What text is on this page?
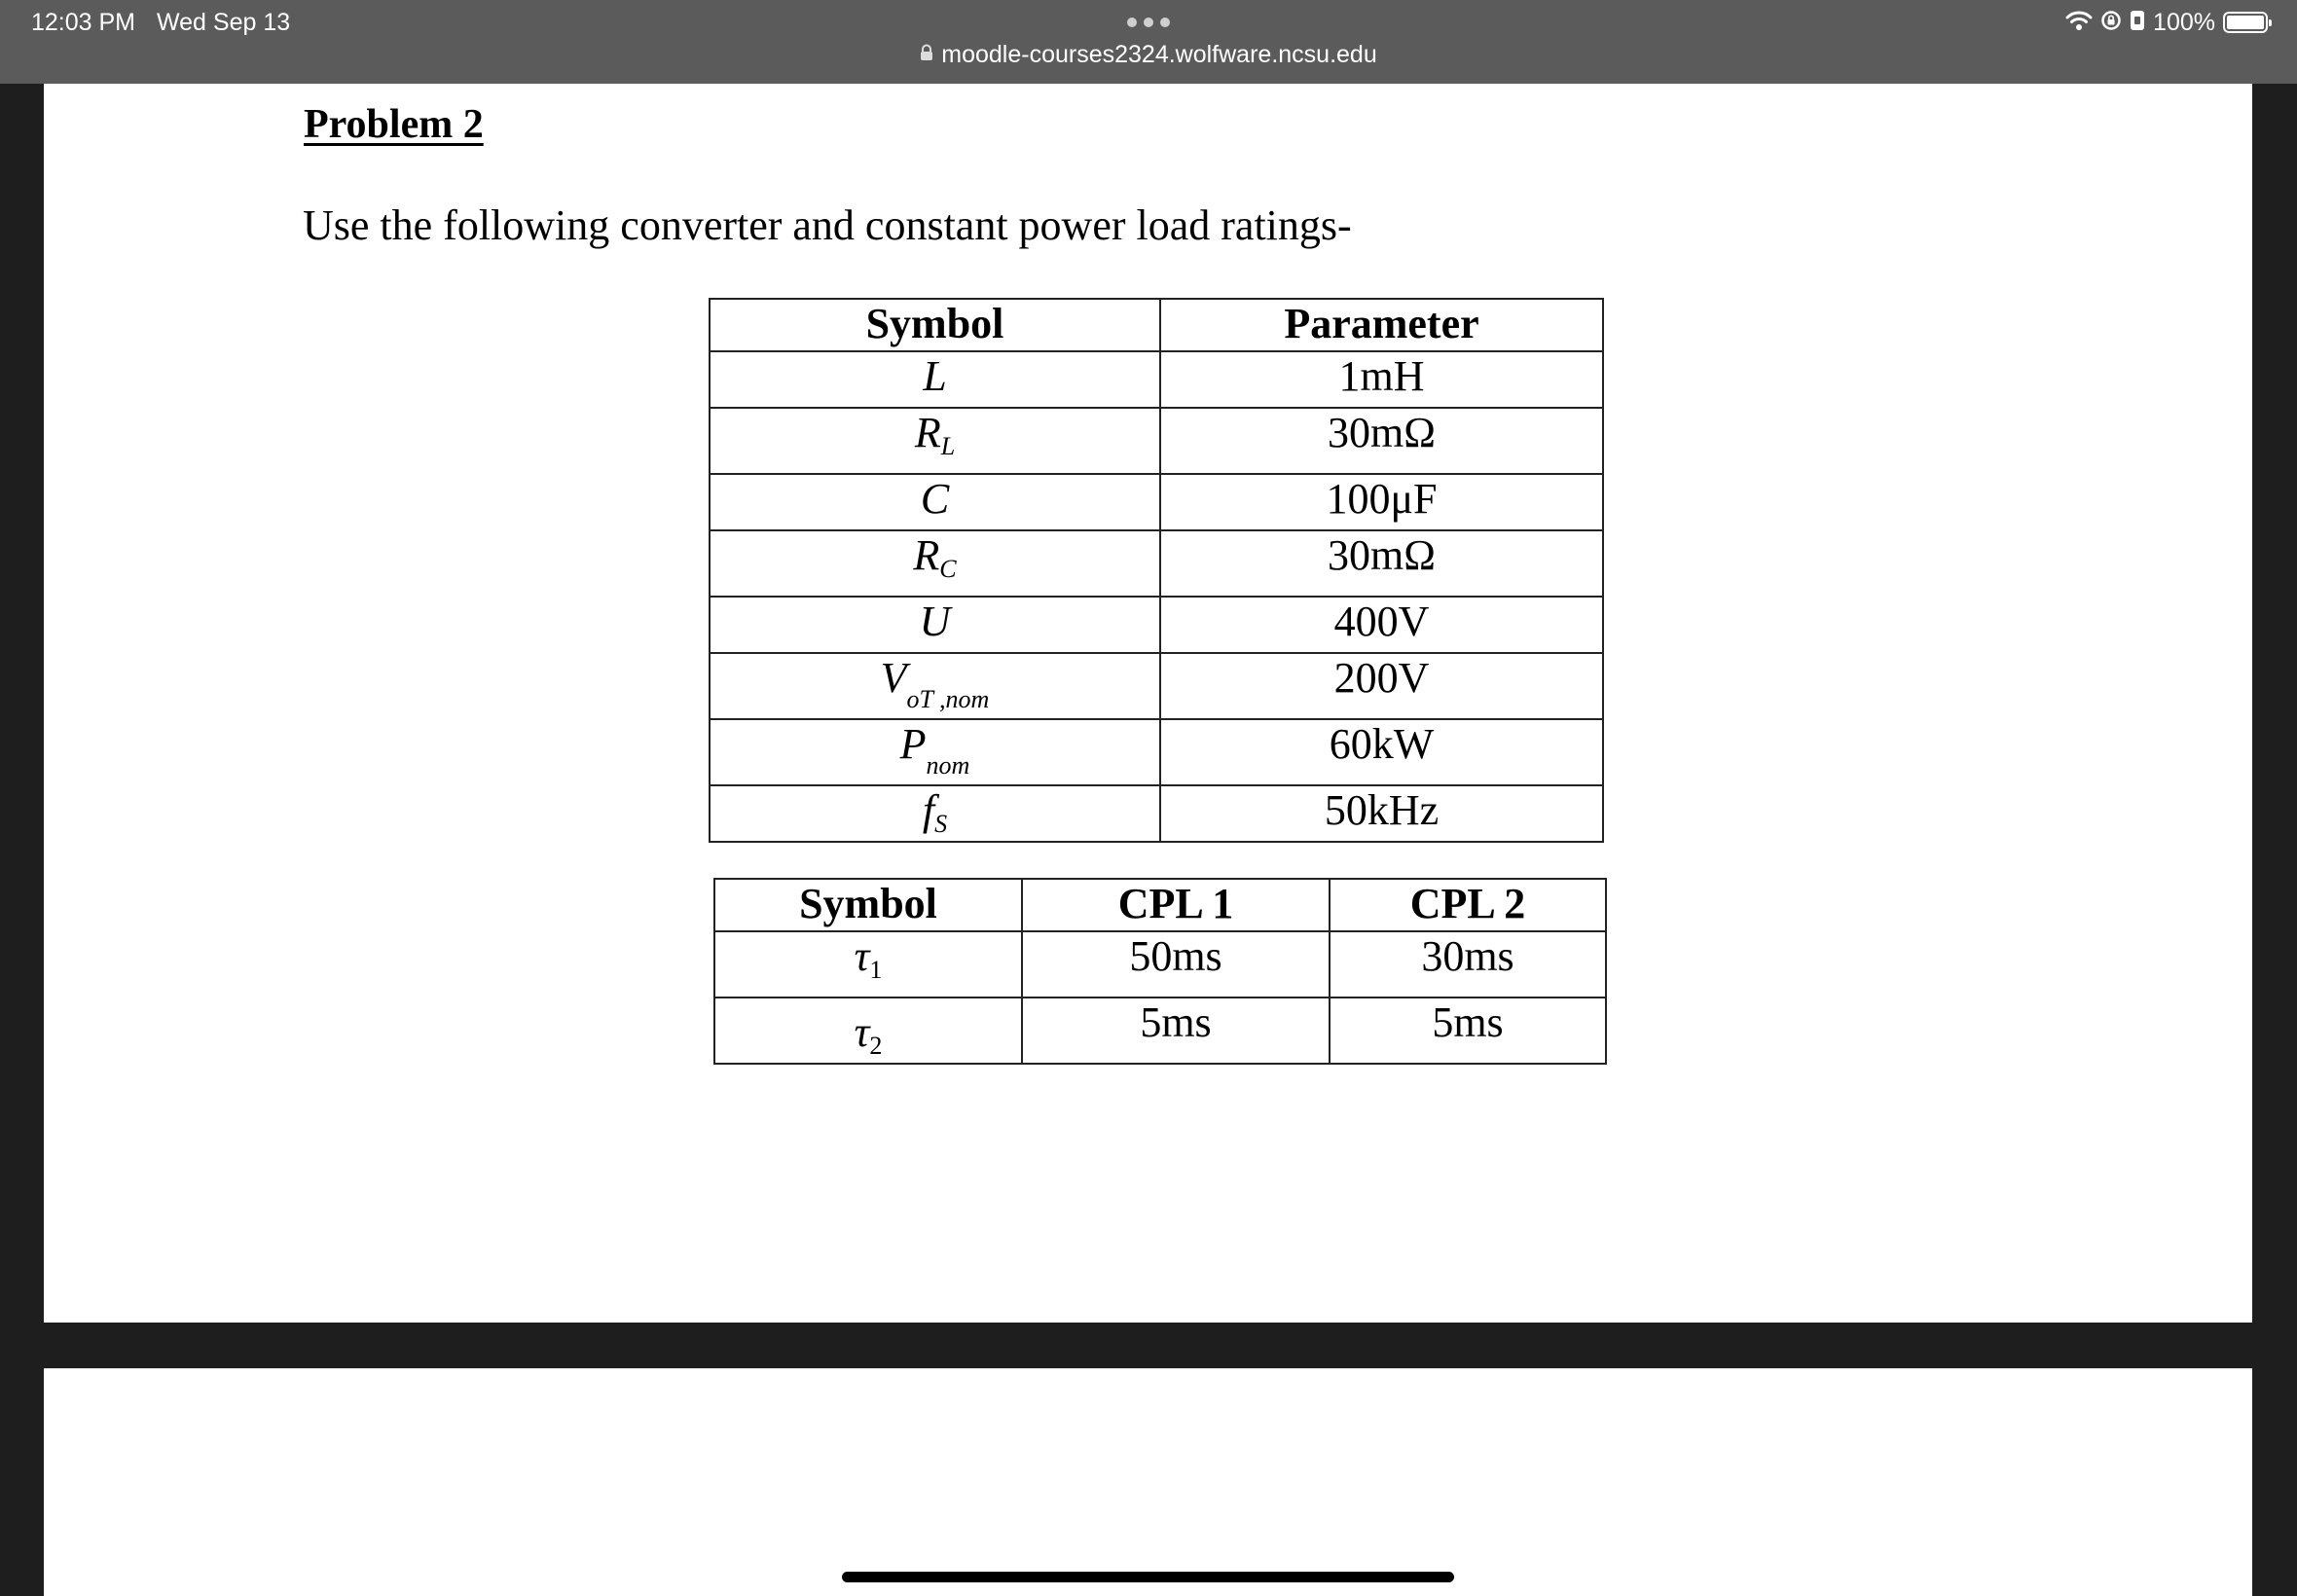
12:03 PM Wed Sep 13
moodle-courses2324.wolfware.ncsu.edu
100%
Problem 2
Use the following converter and constant power load ratings-
Symbol	Parameter
L	1mH
$R_L$	30mΩ
C	100μF
$R_C$	30mΩ
U	400V
$V_{oT ,nom}$	200V
$P_{nom}$	60kW
$f_S$	50kHz
Symbol	CPL 1	CPL 2
$\tau_1$	50ms	30ms
$\tau_2$	5ms	5ms
